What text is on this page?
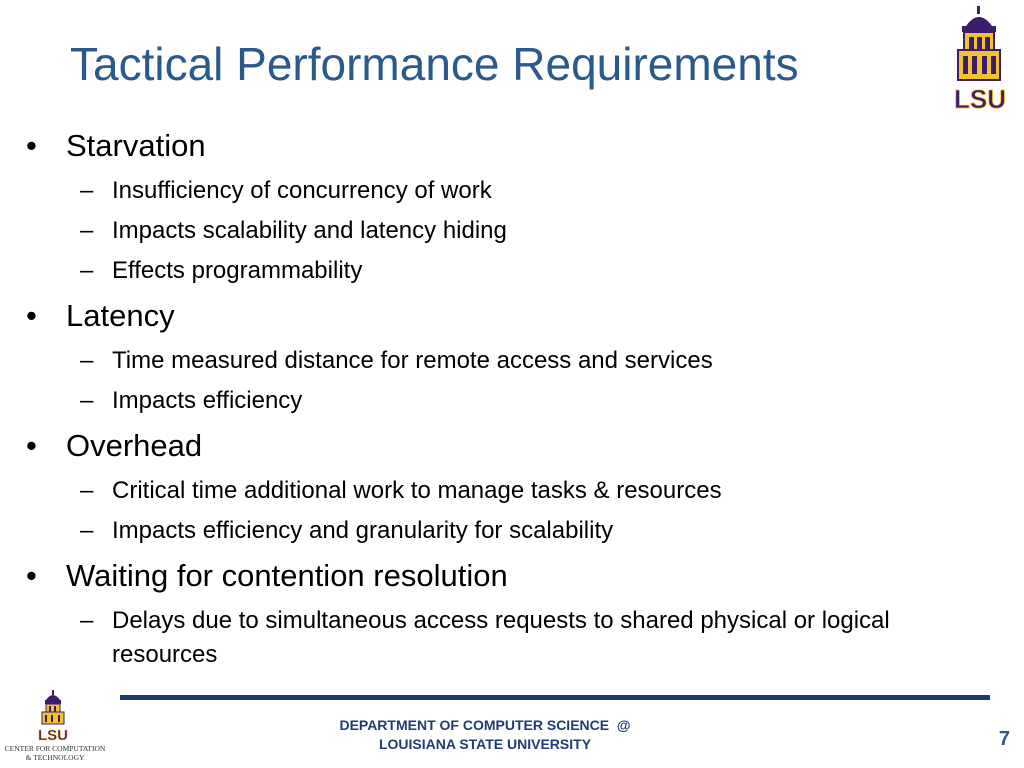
Tactical Performance Requirements
LSU
• Starvation
– Insufficiency of concurrency of work
– Impacts scalability and latency hiding
– Effects programmability
• Latency
– Time measured distance for remote access and services
– Impacts efficiency
• Overhead
– Critical time additional work to manage tasks & resources
– Impacts efficiency and granularity for scalability
• Waiting for contention resolution
– Delays due to simultaneous access requests to shared physical or logical resources
LSU
CENTER FOR COMPUTATION
& TECHNOLOGY
DEPARTMENT OF COMPUTER SCIENCE  @
LOUISIANA STATE UNIVERSITY	7
